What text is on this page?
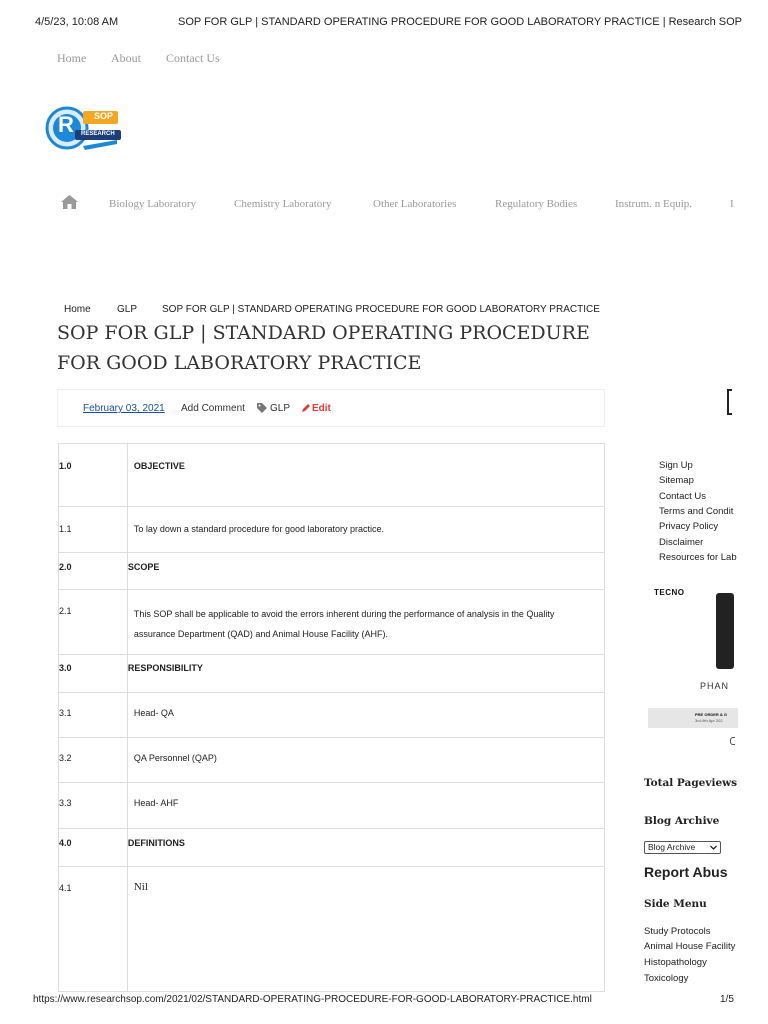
4/5/23, 10:08 AM	SOP FOR GLP | STANDARD OPERATING PROCEDURE FOR GOOD LABORATORY PRACTICE | Research SOP
Home About Contact Us
R SOP
RESEARCH
Biology Laboratory	Chemistry Laboratory	Other Laboratories	Regulatory Bodies	Instrum. n Equip.	I
Home	GLP SOP FOR GLP | STANDARD OPERATING PROCEDURE FOR GOOD LABORATORY PRACTICE
SOP FOR GLP | STANDARD OPERATING PROCEDURE FOR GOOD LABORATORY PRACTICE
February 03, 2021 Add Comment	GLP Edit
1.0	OBJECTIVE
1.1	To lay down a standard procedure for good laboratory practice.
2.0	SCOPE
2.1	This SOP shall be applicable to avoid the errors inherent during the performance of analysis in the Quality assurance Department (QAD) and Animal House Facility (AHF).
3.0	RESPONSIBILITY
3.1	Head- QA
3.2	QA Personnel (QAP)
3.3	Head- AHF
4.0	DEFINITIONS
4.1	Nil
Sign Up
Sitemap
Contact Us
Terms and Condit
Privacy Policy
Disclaimer
Resources for Lab
TECNO
PHAN
PRE ORDER & G
3rd-9th Apr 202
Total Pageviews
Blog Archive
Blog Archive
Report Abus
Side Menu
Study Protocols
Animal House Facility
Histopathology
Toxicology
https://www.researchsop.com/2021/02/STANDARD-OPERATING-PROCEDURE-FOR-GOOD-LABORATORY-PRACTICE.html	1/5
